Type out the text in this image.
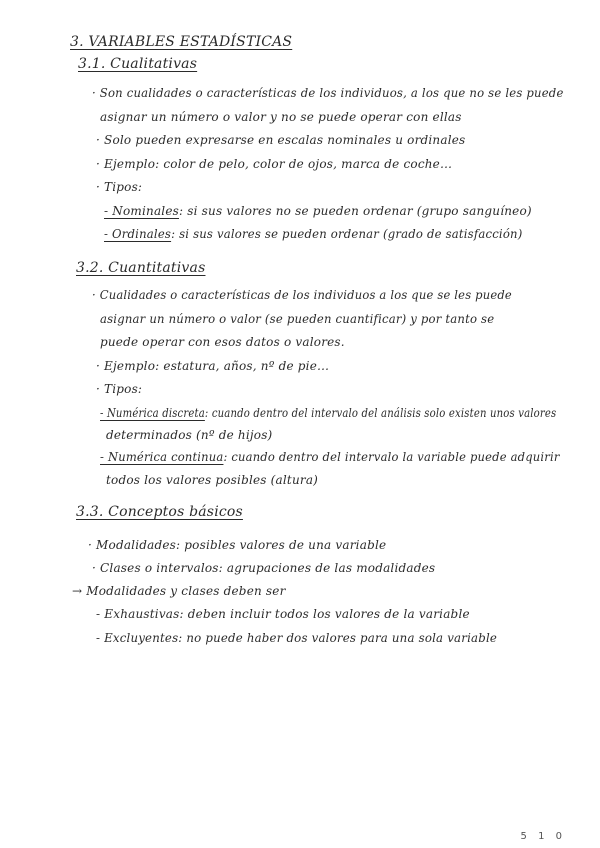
3. VARIABLES ESTADÍSTICAS
3.1. Cualitativas
· Son cualidades o características de los individuos, a los que no se les puede
asignar un número o valor y no se puede operar con ellas
· Solo pueden expresarse en escalas nominales u ordinales
· Ejemplo: color de pelo, color de ojos, marca de coche…
· Tipos:
- Nominales: si sus valores no se pueden ordenar (grupo sanguíneo)
- Ordinales: si sus valores se pueden ordenar (grado de satisfacción)
3.2. Cuantitativas
· Cualidades o características de los individuos a los que se les puede
asignar un número o valor (se pueden cuantificar) y por tanto se
puede operar con esos datos o valores.
· Ejemplo: estatura, años, nº de pie…
· Tipos:
- Numérica discreta: cuando dentro del intervalo del análisis solo existen unos valores
determinados (nº de hijos)
- Numérica continua: cuando dentro del intervalo la variable puede adquirir
todos los valores posibles (altura)
3.3. Conceptos básicos
· Modalidades: posibles valores de una variable
· Clases o intervalos: agrupaciones de las modalidades
→ Modalidades y clases deben ser
- Exhaustivas: deben incluir todos los valores de la variable
- Excluyentes: no puede haber dos valores para una sola variable
5 1 0
